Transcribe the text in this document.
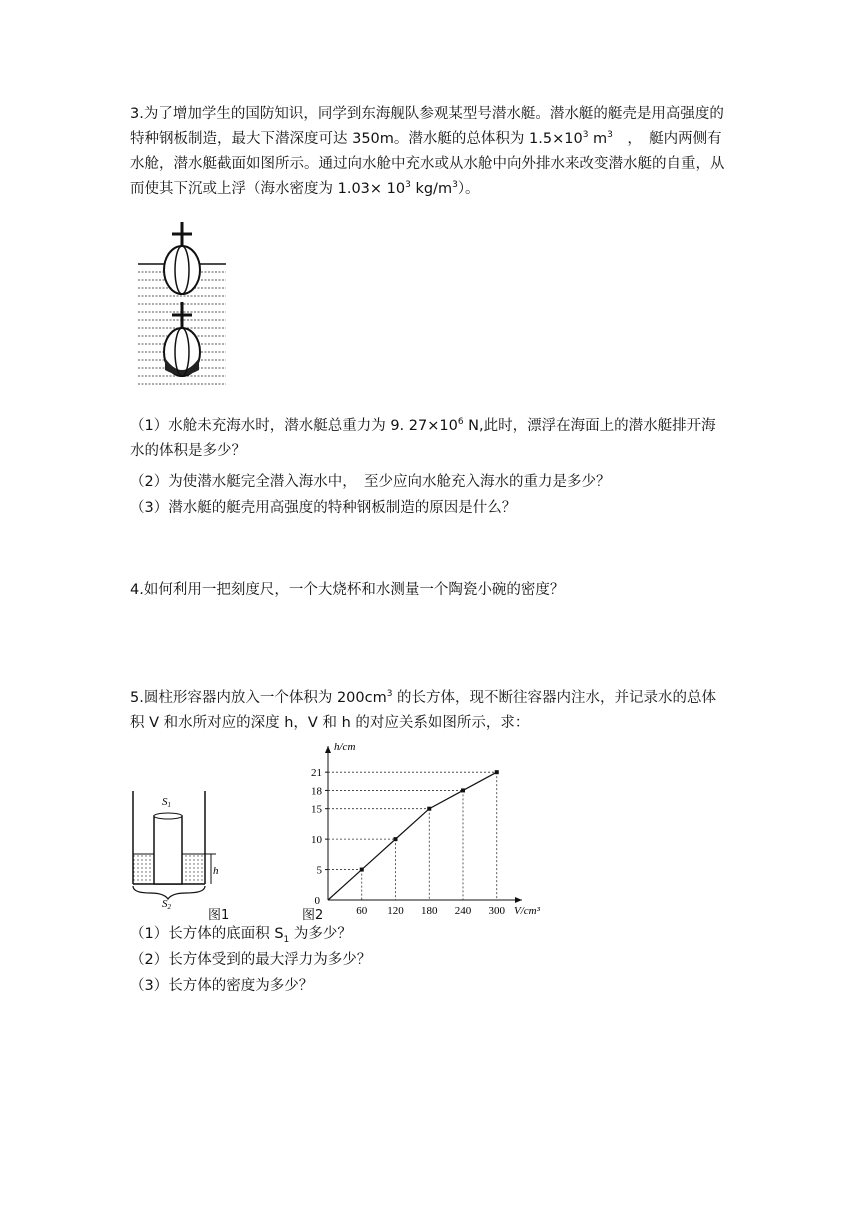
3.为了增加学生的国防知识，同学到东海舰队参观某型号潜水艇。潜水艇的艇壳是用高强度的特种钢板制造，最大下潜深度可达 350m。潜水艇的总体积为 $1.5\times 10^3$ $m^3$　，　艇内两侧有水舱，潜水艇截面如图所示。通过向水舱中充水或从水舱中向外排水来改变潜水艇的自重，从而使其下沉或上浮（海水密度为 $1.03\times 10^3$ $kg/m^3$）。

（1）水舱未充海水时，潜水艇总重力为 9. $27\times 10^6$ N,此时，漂浮在海面上的潜水艇排开海水的体积是多少？

（2）为使潜水艇完全潜入海水中，　至少应向水舱充入海水的重力是多少？

（3）潜水艇的艇壳用高强度的特种钢板制造的原因是什么？

4.如何利用一把刻度尺，一个大烧杯和水测量一个陶瓷小碗的密度？

5.圆柱形容器内放入一个体积为 $200cm^3$ 的长方体，现不断往容器内注水，并记录水的总体积 V 和水所对应的深度 h，V 和 h 的对应关系如图所示，求：

S1
h
S2	60 120 180 240 300
5
10
15
18
21
0
V/cm³
h/cm
图1	图2

（1）长方体的底面积 $S_1$ 为多少？

（2）长方体受到的最大浮力为多少？

（3）长方体的密度为多少？
